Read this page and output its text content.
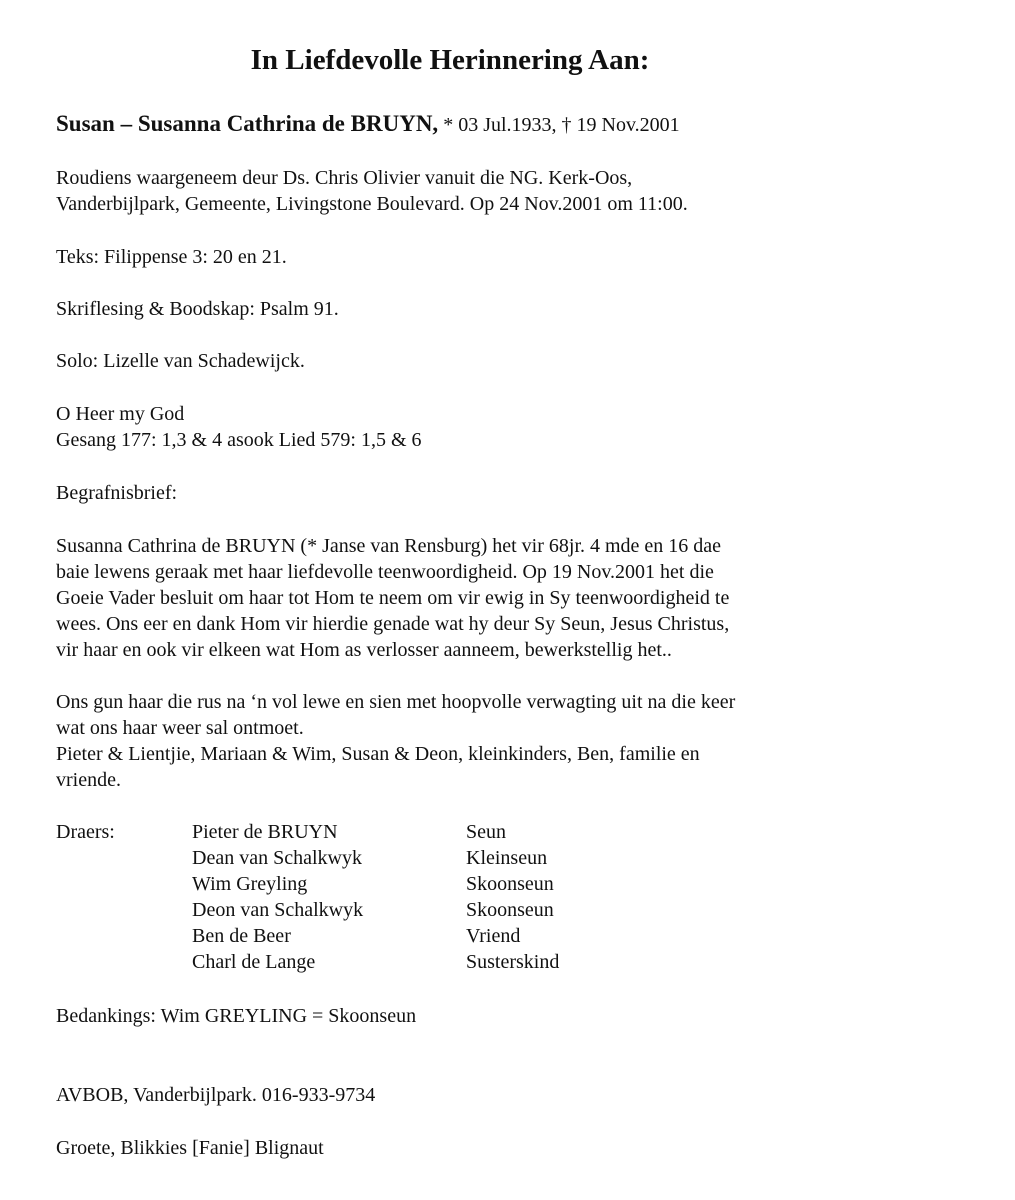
In Liefdevolle Herinnering Aan:
Susan – Susanna Cathrina de BRUYN, * 03 Jul.1933, † 19 Nov.2001
Roudiens waargeneem deur Ds. Chris Olivier vanuit die NG. Kerk-Oos,
Vanderbijlpark, Gemeente, Livingstone Boulevard. Op 24 Nov.2001 om 11:00.
Teks: Filippense 3: 20 en 21.
Skriflesing & Boodskap: Psalm 91.
Solo: Lizelle van Schadewijck.
O Heer my God
Gesang 177: 1,3 & 4 asook Lied 579: 1,5 & 6
Begrafnisbrief:
Susanna Cathrina de BRUYN (* Janse van Rensburg) het vir 68jr. 4 mde en 16 dae
baie lewens geraak met haar liefdevolle teenwoordigheid. Op 19 Nov.2001 het die
Goeie Vader besluit om haar tot Hom te neem om vir ewig in Sy teenwoordigheid te
wees. Ons eer en dank Hom vir hierdie genade wat hy deur Sy Seun, Jesus Christus,
vir haar en ook vir elkeen wat Hom as verlosser aanneem, bewerkstellig het..
Ons gun haar die rus na ‘n vol lewe en sien met hoopvolle verwagting uit na die keer
wat ons haar weer sal ontmoet.
Pieter & Lientjie, Mariaan & Wim, Susan & Deon, kleinkinders, Ben, familie en
vriende.
Draers:	Pieter de BRUYN	Seun
Dean van Schalkwyk	Kleinseun
Wim Greyling	Skoonseun
Deon van Schalkwyk	Skoonseun
Ben de Beer	Vriend
Charl de Lange	Susterskind
Bedankings: Wim GREYLING = Skoonseun
AVBOB, Vanderbijlpark. 016-933-9734
Groete, Blikkies [Fanie] Blignaut
